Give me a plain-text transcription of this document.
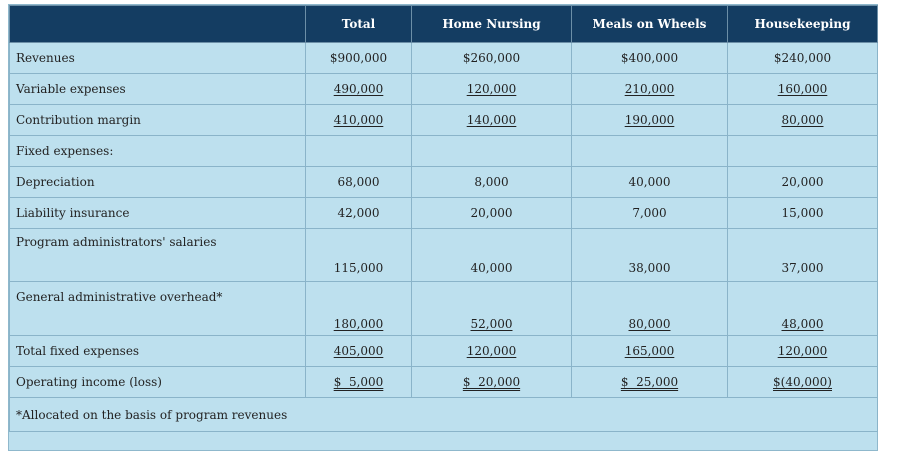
	Total	Home Nursing	Meals on Wheels	Housekeeping
Revenues	$900,000	$260,000	$400,000	$240,000
Variable expenses	490,000	120,000	210,000	160,000
Contribution margin	410,000	140,000	190,000	80,000
Fixed expenses:				
Depreciation	68,000	8,000	40,000	20,000
Liability insurance	42,000	20,000	7,000	15,000
Program administrators' salaries	115,000	40,000	38,000	37,000
General administrative overhead*	180,000	52,000	80,000	48,000
Total fixed expenses	405,000	120,000	165,000	120,000
Operating income (loss)	$  5,000	$  20,000	$  25,000	$(40,000)
*Allocated on the basis of program revenues				
